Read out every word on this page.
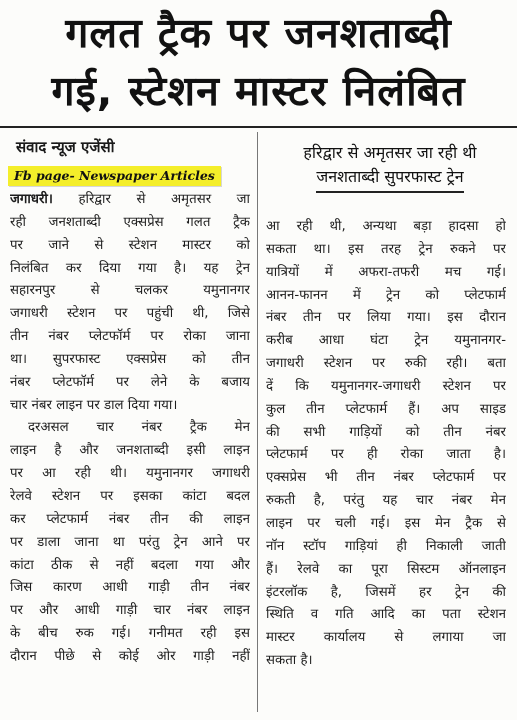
गलत ट्रैक पर जनशताब्दी
गई, स्टेशन मास्टर निलंबित
संवाद न्यूज एजेंसी
Fb page- Newspaper Articles
हरिद्वार से अमृतसर जा रही थी
जनशताब्दी सुपरफास्ट ट्रेन
जगाधरी। हरिद्वार से अमृतसर जा
रही जनशताब्दी एक्सप्रेस गलत ट्रैक
पर जाने से स्टेशन मास्टर को
निलंबित कर दिया गया है। यह ट्रेन
सहारनपुर से चलकर यमुनानगर
जगाधरी स्टेशन पर पहुंची थी, जिसे
तीन नंबर प्लेटफॉर्म पर रोका जाना
था। सुपरफास्ट एक्सप्रेस को तीन
नंबर प्लेटफॉर्म पर लेने के बजाय
चार नंबर लाइन पर डाल दिया गया।
दरअसल चार नंबर ट्रैक मेन
लाइन है और जनशताब्दी इसी लाइन
पर आ रही थी। यमुनानगर जगाधरी
रेलवे स्टेशन पर इसका कांटा बदल
कर प्लेटफार्म नंबर तीन की लाइन
पर डाला जाना था परंतु ट्रेन आने पर
कांटा ठीक से नहीं बदला गया और
जिस कारण आधी गाड़ी तीन नंबर
पर और आधी गाड़ी चार नंबर लाइन
के बीच रुक गई। गनीमत रही इस
दौरान पीछे से कोई ओर गाड़ी नहीं
आ रही थी, अन्यथा बड़ा हादसा हो
सकता था। इस तरह ट्रेन रुकने पर
यात्रियों में अफरा-तफरी मच गई।
आनन-फानन में ट्रेन को प्लेटफार्म
नंबर तीन पर लिया गया। इस दौरान
करीब आधा घंटा ट्रेन यमुनानगर-
जगाधरी स्टेशन पर रुकी रही। बता
दें कि यमुनानगर-जगाधरी स्टेशन पर
कुल तीन प्लेटफार्म हैं। अप साइड
की सभी गाड़ियों को तीन नंबर
प्लेटफार्म पर ही रोका जाता है।
एक्सप्रेस भी तीन नंबर प्लेटफार्म पर
रुकती है, परंतु यह चार नंबर मेन
लाइन पर चली गई। इस मेन ट्रैक से
नॉन स्टॉप गाड़ियां ही निकाली जाती
हैं। रेलवे का पूरा सिस्टम ऑनलाइन
इंटरलॉक है, जिसमें हर ट्रेन की
स्थिति व गति आदि का पता स्टेशन
मास्टर कार्यालय से लगाया जा
सकता है।
